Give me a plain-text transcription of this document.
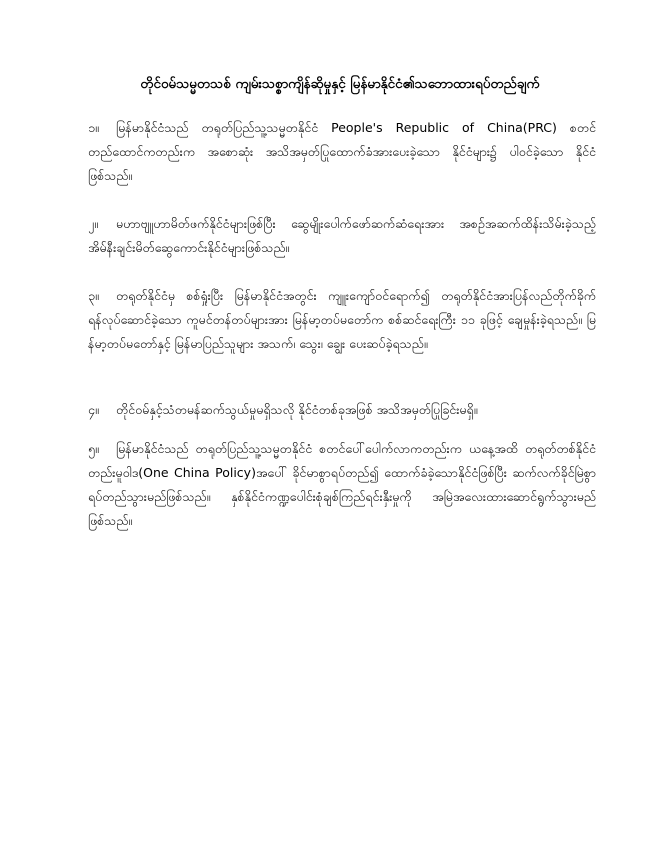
တိုင်ဝမ်သမ္မတသစ် ကျမ်းသစ္စာကျိန်ဆိုမှုနှင့် မြန်မာနိုင်ငံ၏သဘောထားရပ်တည်ချက်
၁။ မြန်မာနိုင်ငံသည် တရုတ်ပြည်သူ့သမ္မတနိုင်ငံ People's Republic of China(PRC) စတင်တည်ထောင်ကတည်းက အစောဆုံး အသိအမှတ်ပြုထောက်ခံအားပေးခဲ့သော နိုင်ငံများ၌ ပါဝင်ခဲ့သော နိုင်ငံဖြစ်သည်။
၂။ မဟာဗျူဟာမိတ်ဖက်နိုင်ငံများဖြစ်ပြီး ဆွေမျိုးပေါက်ဖော်ဆက်ဆံရေးအား အစဉ်အဆက်ထိန်းသိမ်းခဲ့သည့် အိမ်နီးချင်းမိတ်ဆွေကောင်းနိုင်ငံများဖြစ်သည်။
၃။ တရုတ်နိုင်ငံမှ စစ်ရှုံးပြီး မြန်မာနိုင်ငံအတွင်း ကျူးကျော်ဝင်ရောက်၍ တရုတ်နိုင်ငံအားပြန်လည်တိုက်ခိုက်ရန်လုပ်ဆောင်ခဲ့သော ကူမင်တန်တပ်များအား မြန်မာ့တပ်မတော်က စစ်ဆင်ရေးကြီး ၁၁ ခုဖြင့် ချေမှုန်းခဲ့ရသည်။ မြန်မာ့တပ်မတော်နှင့် မြန်မာပြည်သူများ အသက်၊ သွေး၊ ချွေး ပေးဆပ်ခဲ့ရသည်။
၄။ တိုင်ဝမ်နှင့်သံတမန်ဆက်သွယ်မှုမရှိသလို နိုင်ငံတစ်ခုအဖြစ် အသိအမှတ်ပြုခြင်းမရှိ။
၅။ မြန်မာနိုင်ငံသည် တရုတ်ပြည်သူ့သမ္မတနိုင်ငံ စတင်ပေါ်ပေါက်လာကတည်းက ယနေ့အထိ တရုတ်တစ်နိုင်ငံတည်းမူဝါဒ(One China Policy)အပေါ် ခိုင်မာစွာရပ်တည်၍ ထောက်ခံခဲ့သောနိုင်ငံဖြစ်ပြီး ဆက်လက်ခိုင်မြဲစွာရပ်တည်သွားမည်ဖြစ်သည်။ နှစ်နိုင်ငံကဏ္ဍပေါင်းစုံချစ်ကြည်ရင်းနှီးမှုကို အမြဲအလေးထားဆောင်ရွက်သွားမည်ဖြစ်သည်။
